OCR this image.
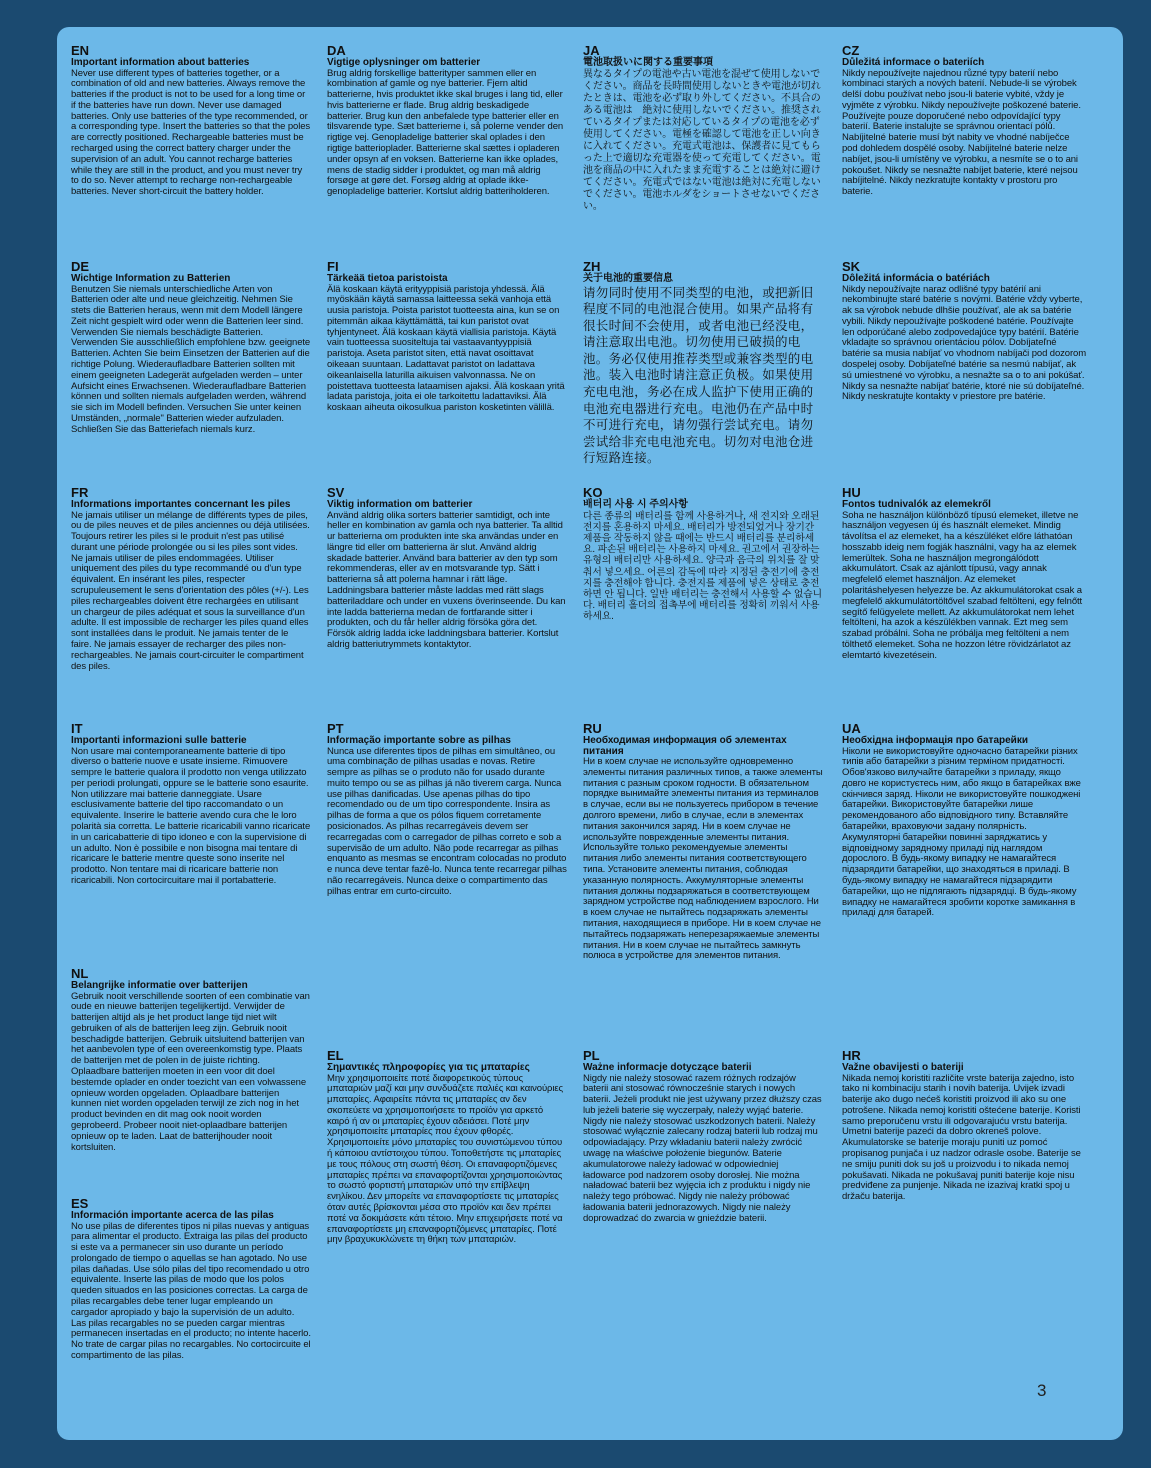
EN
Important information about batteries
Never use different types of batteries together, or a combination of old and new batteries. Always remove the batteries if the product is not to be used for a long time or if the batteries have run down. Never use damaged batteries. Only use batteries of the type recommended, or a corresponding type. Insert the batteries so that the poles are correctly positioned. Rechargeable batteries must be recharged using the correct battery charger under the supervision of an adult. You cannot recharge batteries while they are still in the product, and you must never try to do so. Never attempt to recharge non-rechargeable batteries. Never short-circuit the battery holder.
DA
Vigtige oplysninger om batterier
Brug aldrig forskellige batterityper sammen eller en kombination af gamle og nye batterier. Fjern altid batterierne, hvis produktet ikke skal bruges i lang tid, eller hvis batterierne er flade. Brug aldrig beskadigede batterier. Brug kun den anbefalede type batterier eller en tilsvarende type. Sæt batterierne i, så polerne vender den rigtige vej. Genopladelige batterier skal oplades i den rigtige batterioplader. Batterierne skal sættes i opladeren under opsyn af en voksen. Batterierne kan ikke oplades, mens de stadig sidder i produktet, og man må aldrig forsøge at gøre det. Forsøg aldrig at oplade ikke-genopladelige batterier. Kortslut aldrig batteriholderen.
JA
電池取扱いに関する重要事項
異なるタイプの電池や古い電池を混ぜて使用しないでください。商品を長時間使用しないときや電池が切れたときは、電池を必ず取り外してください。不具合のある電池は　絶対に使用しないでください。推奨されているタイプまたは対応しているタイプの電池を必ず使用してください。電極を確認して電池を正しい向きに入れてください。充電式電池は、保護者に見てもらった上で適切な充電器を使って充電してください。電池を商品の中に入れたまま充電することは絶対に避けてください。充電式ではない電池は絶対に充電しないでください。電池ホルダをショートさせないでください。
CZ
Důležitá informace o bateriích
Nikdy nepoužívejte najednou různé typy baterií nebo kombinaci starých a nových baterií. Nebude-li se výrobek delší dobu používat nebo jsou-li baterie vybité, vždy je vyjměte z výrobku. Nikdy nepoužívejte poškozené baterie. Používejte pouze doporučené nebo odpovídající typy baterií. Baterie instalujte se správnou orientací pólů. Nabíjitelné baterie musí být nabity ve vhodné nabíječce pod dohledem dospělé osoby. Nabíjitelné baterie nelze nabíjet, jsou-li umístěny ve výrobku, a nesmíte se o to ani pokoušet. Nikdy se nesnažte nabíjet baterie, které nejsou nabíjitelné. Nikdy nezkratujte kontakty v prostoru pro baterie.
DE
Wichtige Information zu Batterien
Benutzen Sie niemals unterschiedliche Arten von Batterien oder alte und neue gleichzeitig. Nehmen Sie stets die Batterien heraus, wenn mit dem Modell längere Zeit nicht gespielt wird oder wenn die Batterien leer sind. Verwenden Sie niemals beschädigte Batterien. Verwenden Sie ausschließlich empfohlene bzw. geeignete Batterien. Achten Sie beim Einsetzen der Batterien auf die richtige Polung. Wiederaufladbare Batterien sollten mit einem geeigneten Ladegerät aufgeladen werden – unter Aufsicht eines Erwachsenen. Wiederaufladbare Batterien können und sollten niemals aufgeladen werden, während sie sich im Modell befinden. Versuchen Sie unter keinen Umständen, „normale" Batterien wieder aufzuladen. Schließen Sie das Batteriefach niemals kurz.
FI
Tärkeää tietoa paristoista
Älä koskaan käytä erityyppisiä paristoja yhdessä. Älä myöskään käytä samassa laitteessa sekä vanhoja että uusia paristoja. Poista paristot tuotteesta aina, kun se on pitemmän aikaa käyttämättä, tai kun paristot ovat tyhjentyneet. Älä koskaan käytä viallisia paristoja. Käytä vain tuotteessa suositeltuja tai vastaavantyyppisiä paristoja. Aseta paristot siten, että navat osoittavat oikeaan suuntaan. Ladattavat paristot on ladattava oikeanlaisella laturilla aikuisen valvonnassa. Ne on poistettava tuotteesta lataamisen ajaksi. Älä koskaan yritä ladata paristoja, joita ei ole tarkoitettu ladattaviksi. Älä koskaan aiheuta oikosulkua pariston kosketinten välillä.
ZH
关于电池的重要信息
请勿同时使用不同类型的电池，或把新旧程度不同的电池混合使用。如果产品将有很长时间不会使用，或者电池已经没电，请注意取出电池。切勿使用已破损的电池。务必仅使用推荐类型或兼容类型的电池。装入电池时请注意正负极。如果使用充电电池，务必在成人监护下使用正确的电池充电器进行充电。电池仍在产品中时不可进行充电，请勿强行尝试充电。请勿尝试给非充电电池充电。切勿对电池仓进行短路连接。
SK
Dôležitá informácia o batériách
Nikdy nepoužívajte naraz odlišné typy batérií ani nekombinujte staré batérie s novými. Batérie vždy vyberte, ak sa výrobok nebude dlhšie používať, ale ak sa batérie vybili. Nikdy nepoužívajte poškodené batérie. Používajte len odporúčané alebo zodpovedajúce typy batérií. Batérie vkladajte so správnou orientáciou pólov. Dobíjateľné batérie sa musia nabíjať vo vhodnom nabíjači pod dozorom dospelej osoby. Dobíjateľné batérie sa nesmú nabíjať, ak sú umiestnené vo výrobku, a nesnažte sa o to ani pokúšať. Nikdy sa nesnažte nabíjať batérie, ktoré nie sú dobíjateľné. Nikdy neskratujte kontakty v priestore pre batérie.
FR
Informations importantes concernant les piles
Ne jamais utiliser un mélange de différents types de piles, ou de piles neuves et de piles anciennes ou déjà utilisées. Toujours retirer les piles si le produit n'est pas utilisé durant une période prolongée ou si les piles sont vides. Ne jamais utiliser de piles endommagées. Utiliser uniquement des piles du type recommandé ou d'un type équivalent. En insérant les piles, respecter scrupuleusement le sens d'orientation des pôles (+/-). Les piles rechargeables doivent être rechargées en utilisant un chargeur de piles adéquat et sous la surveillance d'un adulte. Il est impossible de recharger les piles quand elles sont installées dans le produit. Ne jamais tenter de le faire. Ne jamais essayer de recharger des piles non-rechargeables. Ne jamais court-circuiter le compartiment des piles.
SV
Viktig information om batterier
Använd aldrig olika sorters batterier samtidigt, och inte heller en kombination av gamla och nya batterier. Ta alltid ur batterierna om produkten inte ska användas under en längre tid eller om batterierna är slut. Använd aldrig skadade batterier. Använd bara batterier av den typ som rekommenderas, eller av en motsvarande typ. Sätt i batterierna så att polerna hamnar i rätt läge. Laddningsbara batterier måste laddas med rätt slags batteriladdare och under en vuxens överinseende. Du kan inte ladda batterierna medan de fortfarande sitter i produkten, och du får heller aldrig försöka göra det. Försök aldrig ladda icke laddningsbara batterier. Kortslut aldrig batteriutrymmets kontaktytor.
KO
배터리 사용 시 주의사항
다른 종류의 배터리를 함께 사용하거나, 새 전지와 오래된 전지를 혼용하지 마세요. 배터리가 방전되었거나 장기간 제품을 작동하지 않을 때에는 반드시 배터리를 분리하세요. 파손된 배터리는 사용하지 마세요. 권고에서 권장하는 유형의 배터리만 사용하세요. 양극과 음극의 위치를 잘 맞춰서 넣으세요. 어른의 감독에 따라 지정된 충전기에 충전지를 충전해야 합니다. 충전지를 제품에 넣은 상태로 충전하면 안 됩니다. 일반 배터리는 충전해서 사용할 수 없습니다. 배터리 홀더의 접촉부에 배터리를 정확히 끼워서 사용하세요.
HU
Fontos tudnivalók az elemekről
Soha ne használjon különböző típusú elemeket, illetve ne használjon vegyesen új és használt elemeket. Mindig távolítsa el az elemeket, ha a készüléket előre láthatóan hosszabb ideig nem fogják használni, vagy ha az elemek lemerültek. Soha ne használjon megrongálódott akkumulátort. Csak az ajánlott típusú, vagy annak megfelelő elemet használjon. Az elemeket polaritáshelyesen helyezze be. Az akkumulátorokat csak a megfelelő akkumulátortöltővel szabad feltölteni, egy felnőtt segítő felügyelete mellett. Az akkumulátorokat nem lehet feltölteni, ha azok a készülékben vannak. Ezt meg sem szabad próbálni. Soha ne próbálja meg feltölteni a nem tölthető elemeket. Soha ne hozzon létre rövidzárlatot az elemtartó kivezetésein.
IT
Importanti informazioni sulle batterie
Non usare mai contemporaneamente batterie di tipo diverso o batterie nuove e usate insieme. Rimuovere sempre le batterie qualora il prodotto non venga utilizzato per periodi prolungati, oppure se le batterie sono esaurite. Non utilizzare mai batterie danneggiate. Usare esclusivamente batterie del tipo raccomandato o un equivalente. Inserire le batterie avendo cura che le loro polarità sia corretta. Le batterie ricaricabili vanno ricaricate in un caricabatterie di tipo idoneo e con la supervisione di un adulto. Non è possibile e non bisogna mai tentare di ricaricare le batterie mentre queste sono inserite nel prodotto. Non tentare mai di ricaricare batterie non ricaricabili. Non cortocircuitare mai il portabatterie.
PT
Informação importante sobre as pilhas
Nunca use diferentes tipos de pilhas em simultâneo, ou uma combinação de pilhas usadas e novas. Retire sempre as pilhas se o produto não for usado durante muito tempo ou se as pilhas já não tiverem carga. Nunca use pilhas danificadas. Use apenas pilhas do tipo recomendado ou de um tipo correspondente. Insira as pilhas de forma a que os pólos fiquem corretamente posicionados. As pilhas recarregáveis devem ser recarregadas com o carregador de pilhas correto e sob a supervisão de um adulto. Não pode recarregar as pilhas enquanto as mesmas se encontram colocadas no produto e nunca deve tentar fazê-lo. Nunca tente recarregar pilhas não recarregáveis. Nunca deixe o compartimento das pilhas entrar em curto-circuito.
RU
Необходимая информация об элементах питания
Ни в коем случае не используйте одновременно элементы питания различных типов, а также элементы питания с разным сроком годности. В обязательном порядке вынимайте элементы питания из терминалов в случае, если вы не пользуетесь прибором в течение долгого времени, либо в случае, если в элементах питания закончился заряд. Ни в коем случае не используйте поврежденные элементы питания. Используйте только рекомендуемые элементы питания либо элементы питания соответствующего типа. Установите элементы питания, соблюдая указанную полярность. Аккумуляторные элементы питания должны подзаряжаться в соответствующем зарядном устройстве под наблюдением взрослого. Ни в коем случае не пытайтесь подзаряжать элементы питания, находящиеся в приборе. Ни в коем случае не пытайтесь подзаряжать неперезаряжаемые элементы питания. Ни в коем случае не пытайтесь замкнуть полюса в устройстве для элементов питания.
UA
Необхідна інформація про батарейки
Ніколи не використовуйте одночасно батарейки різних типів або батарейки з різним терміном придатності. Обов'язково вилучайте батарейки з приладу, якщо довго не користуєтесь ним, або якщо в батарейках вже скінчився заряд. Ніколи не використовуйте пошкоджені батарейки. Використовуйте батарейки лише рекомендованого або відповідного типу. Вставляйте батарейки, враховуючи задану полярність. Акумуляторні батарейки повинні заряджатись у відповідному зарядному приладі під наглядом дорослого. В будь-якому випадку не намагайтеся підзарядити батарейки, що знаходяться в приладі. В будь-якому випадку не намагайтеся підзарядити батарейки, що не підлягають підзарядці. В будь-якому випадку не намагайтеся зробити коротке замикання в приладі для батарей.
NL
Belangrijke informatie over batterijen
Gebruik nooit verschillende soorten of een combinatie van oude en nieuwe batterijen tegelijkertijd. Verwijder de batterijen altijd als je het product lange tijd niet wilt gebruiken of als de batterijen leeg zijn. Gebruik nooit beschadigde batterijen. Gebruik uitsluitend batterijen van het aanbevolen type of een overeenkomstig type. Plaats de batterijen met de polen in de juiste richting. Oplaadbare batterijen moeten in een voor dit doel bestemde oplader en onder toezicht van een volwassene opnieuw worden opgeladen. Oplaadbare batterijen kunnen niet worden opgeladen terwijl ze zich nog in het product bevinden en dit mag ook nooit worden geprobeerd. Probeer nooit niet-oplaadbare batterijen opnieuw op te laden. Laat de batterijhouder nooit kortsluiten.
EL
Σημαντικές πληροφορίες για τις μπαταρίες
Μην χρησιμοποιείτε ποτέ διαφορετικούς τύπους μπαταριών μαζί και μην συνδυάζετε παλιές και καινούριες μπαταρίες. Αφαιρείτε πάντα τις μπαταρίες αν δεν σκοπεύετε να χρησιμοποιήσετε το προϊόν για αρκετό καιρό ή αν οι μπαταρίες έχουν αδειάσει. Ποτέ μην χρησιμοποιείτε μπαταρίες που έχουν φθορές. Χρησιμοποιείτε μόνο μπαταρίες του συνιστώμενου τύπου ή κάποιου αντίστοιχου τύπου. Τοποθετήστε τις μπαταρίες με τους πόλους στη σωστή θέση. Οι επαναφορτιζόμενες μπαταρίες πρέπει να επαναφορτίζονται χρησιμοποιώντας το σωστό φορτιστή μπαταριών υπό την επίβλεψη ενηλίκου. Δεν μπορείτε να επαναφορτίσετε τις μπαταρίες όταν αυτές βρίσκονται μέσα στο προϊόν και δεν πρέπει ποτέ να δοκιμάσετε κάτι τέτοιο. Μην επιχειρήσετε ποτέ να επαναφορτίσετε μη επαναφορτιζόμενες μπαταρίες. Ποτέ μην βραχυκυκλώνετε τη θήκη των μπαταριών.
PL
Ważne informacje dotyczące baterii
Nigdy nie należy stosować razem różnych rodzajów baterii ani stosować równocześnie starych i nowych baterii. Jeżeli produkt nie jest używany przez dłuższy czas lub jeżeli baterie się wyczerpały, należy wyjąć baterie. Nigdy nie należy stosować uszkodzonych baterii. Należy stosować wyłącznie zalecany rodzaj baterii lub rodzaj mu odpowiadający. Przy wkładaniu baterii należy zwrócić uwagę na właściwe położenie biegunów. Baterie akumulatorowe należy ładować w odpowiedniej ładowarce pod nadzorem osoby dorosłej. Nie można naładować baterii bez wyjęcia ich z produktu i nigdy nie należy tego próbować. Nigdy nie należy próbować ładowania baterii jednorazowych. Nigdy nie należy doprowadzać do zwarcia w gnieździe baterii.
HR
Važne obavijesti o bateriji
Nikada nemoj koristiti različite vrste baterija zajedno, isto tako ni kombinaciju starih i novih baterija. Uvijek izvadi baterije ako dugo nećeš koristiti proizvod ili ako su one potrošene. Nikada nemoj koristiti oštećene baterije. Koristi samo preporučenu vrstu ili odgovarajuću vrstu baterija. Umetni baterije pazeći da dobro okreneš polove. Akumulatorske se baterije moraju puniti uz pomoć propisanog punjača i uz nadzor odrasle osobe. Baterije se ne smiju puniti dok su još u proizvodu i to nikada nemoj pokušavati. Nikada ne pokušavaj puniti baterije koje nisu predviđene za punjenje. Nikada ne izazivaj kratki spoj u držaču baterija.
ES
Información importante acerca de las pilas
No use pilas de diferentes tipos ni pilas nuevas y antiguas para alimentar el producto. Extraiga las pilas del producto si este va a permanecer sin uso durante un período prolongado de tiempo o aquellas se han agotado. No use pilas dañadas. Use sólo pilas del tipo recomendado u otro equivalente. Inserte las pilas de modo que los polos queden situados en las posiciones correctas. La carga de pilas recargables debe tener lugar empleando un cargador apropiado y bajo la supervisión de un adulto. Las pilas recargables no se pueden cargar mientras permanecen insertadas en el producto; no intente hacerlo. No trate de cargar pilas no recargables. No cortocircuite el compartimento de las pilas.
3
